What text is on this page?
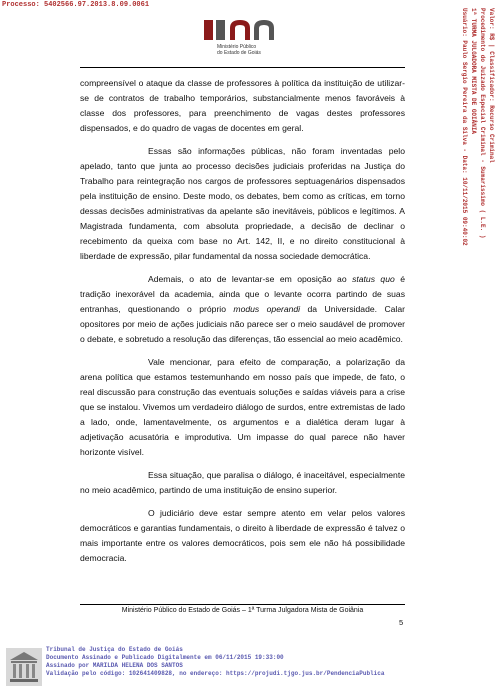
Processo: 5402566.97.2013.8.09.0061
Ministério Público
do Estado de Goiás	Valor: R$ | Classificador: Recurso Criminal
Procedimento do Juizado Especial Criminal - Sumaríssimo ( L.E. )
1ª TURMA JULGADORA MISTA DE GOIÂNIA
Usuário: Paulo Sergio Pereira da Silva - Data: 10/11/2015 09:40:02

compreensível o ataque da classe de professores à política da instituição de utilizar-se de contratos de trabalho temporários, substancialmente menos favoráveis à classe dos professores, para preenchimento de vagas destes professores dispensados, e do quadro de vagas de docentes em geral.

Essas são informações públicas, não foram inventadas pelo apelado, tanto que junta ao processo decisões judiciais proferidas na Justiça do Trabalho para reintegração nos cargos de professores septuagenários dispensados pela instituição de ensino. Deste modo, os debates, bem como as críticas, em torno dessas decisões administrativas da apelante são inevitáveis, públicos e legítimos. A Magistrada fundamenta, com absoluta propriedade, a decisão de declinar o recebimento da queixa com base no Art. 142, II, e no direito constitucional à liberdade de expressão, pilar fundamental da nossa sociedade democrática.

Ademais, o ato de levantar-se em oposição ao status quo é tradição inexorável da academia, ainda que o levante ocorra partindo de suas entranhas, questionando o próprio modus operandi da Universidade. Calar opositores por meio de ações judiciais não parece ser o meio saudável de promover o debate, e sobretudo a resolução das diferenças, tão essencial ao meio acadêmico.

Vale mencionar, para efeito de comparação, a polarização da arena política que estamos testemunhando em nosso país que impede, de fato, o real discussão para construção das eventuais soluções e saídas viáveis para a crise que se instalou. Vivemos um verdadeiro diálogo de surdos, entre extremistas de lado a lado, onde, lamentavelmente, os argumentos e a dialética deram lugar à adjetivação acusatória e improdutiva. Um impasse do qual parece não haver horizonte visível.

Essa situação, que paralisa o diálogo, é inaceitável, especialmente no meio acadêmico, partindo de uma instituição de ensino superior.

O judiciário deve estar sempre atento em velar pelos valores democráticos e garantias fundamentais, o direito à liberdade de expressão é talvez o mais importante entre os valores democráticos, pois sem ele não há possibilidade democracia.

Ministério Público do Estado de Goiás – 1ª Turma Julgadora Mista de Goiânia
5
Tribunal de Justiça do Estado de Goiás
Documento Assinado e Publicado Digitalmente em 06/11/2015 19:33:00
Assinado por MARILDA HELENA DOS SANTOS
Validação pelo código: 102641409828, no endereço: https://projudi.tjgo.jus.br/PendenciaPublica
